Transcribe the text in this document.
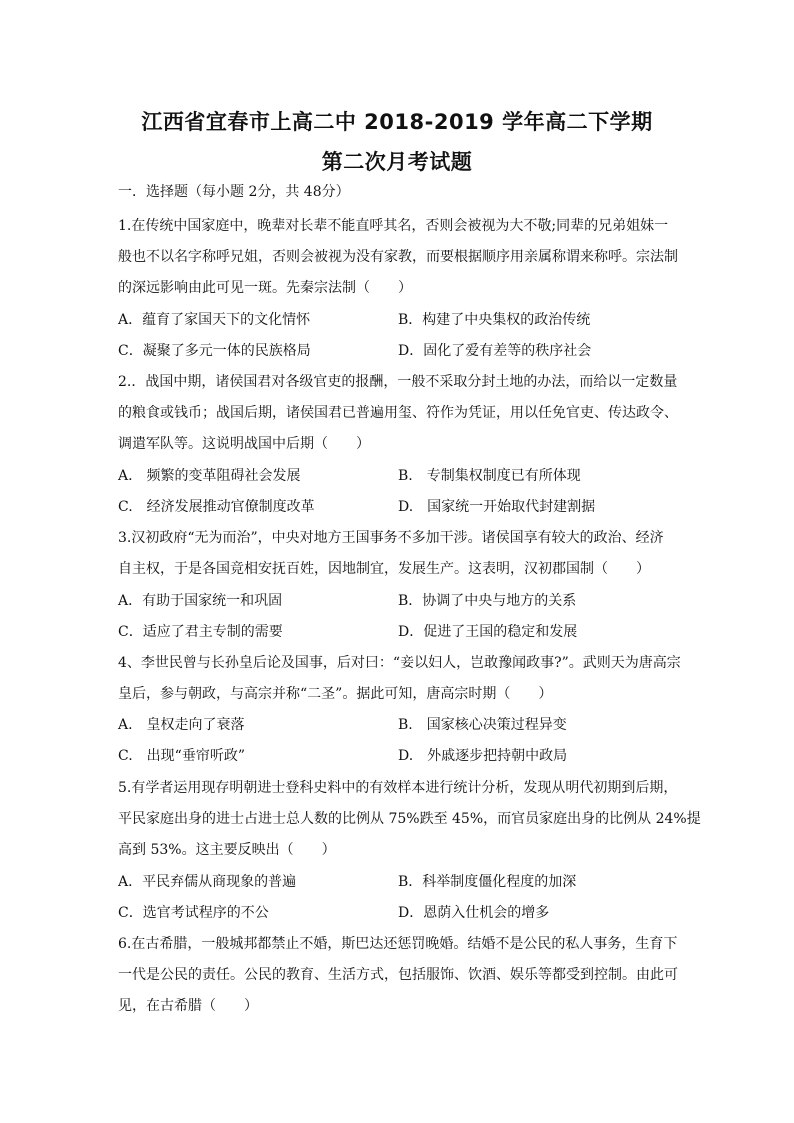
江西省宜春市上高二中 2018-2019 学年高二下学期
第二次月考试题
一．选择题（每小题 2分，共 48分）
1.在传统中国家庭中，晚辈对长辈不能直呼其名，否则会被视为大不敬;同辈的兄弟姐妹一
般也不以名字称呼兄姐，否则会被视为没有家教，而要根据顺序用亲属称谓来称呼。宗法制
的深远影响由此可见一斑。先秦宗法制（　　）
A．蕴育了家国天下的文化情怀	B．构建了中央集权的政治传统
C．凝聚了多元一体的民族格局	D．固化了爱有差等的秩序社会
2.．战国中期，诸侯国君对各级官吏的报酬，一般不采取分封土地的办法，而给以一定数量
的粮食或钱币；战国后期，诸侯国君已普遍用玺、符作为凭证，用以任免官吏、传达政令、
调遣军队等。这说明战国中后期（　　）
A.　频繁的变革阻碍社会发展	B.　专制集权制度已有所体现
C.　经济发展推动官僚制度改革	D.　国家统一开始取代封建割据
3.汉初政府“无为而治”，中央对地方王国事务不多加干涉。诸侯国享有较大的政治、经济
自主权，于是各国竞相安抚百姓，因地制宜，发展生产。这表明，汉初郡国制（　　）
A．有助于国家统一和巩固	B．协调了中央与地方的关系
C．适应了君主专制的需要	D．促进了王国的稳定和发展
4、李世民曾与长孙皇后论及国事，后对曰：“妾以妇人，岂敢豫闻政事?”。武则天为唐高宗
皇后，参与朝政，与高宗并称“二圣”。据此可知，唐高宗时期（　　）
A.　皇权走向了衰落	B.　国家核心决策过程异变
C.　出现“垂帘听政”	D.　外戚逐步把持朝中政局
5.有学者运用现存明朝进士登科史料中的有效样本进行统计分析，发现从明代初期到后期，
平民家庭出身的进士占进士总人数的比例从 75%跌至 45%，而官员家庭出身的比例从 24%提
高到 53%。这主要反映出（　　）
A．平民弃儒从商现象的普遍	B．科举制度僵化程度的加深
C．选官考试程序的不公	D．恩荫入仕机会的增多
6.在古希腊，一般城邦都禁止不婚，斯巴达还惩罚晚婚。结婚不是公民的私人事务，生育下
一代是公民的责任。公民的教育、生活方式，包括服饰、饮酒、娱乐等都受到控制。由此可
见，在古希腊（　　）
